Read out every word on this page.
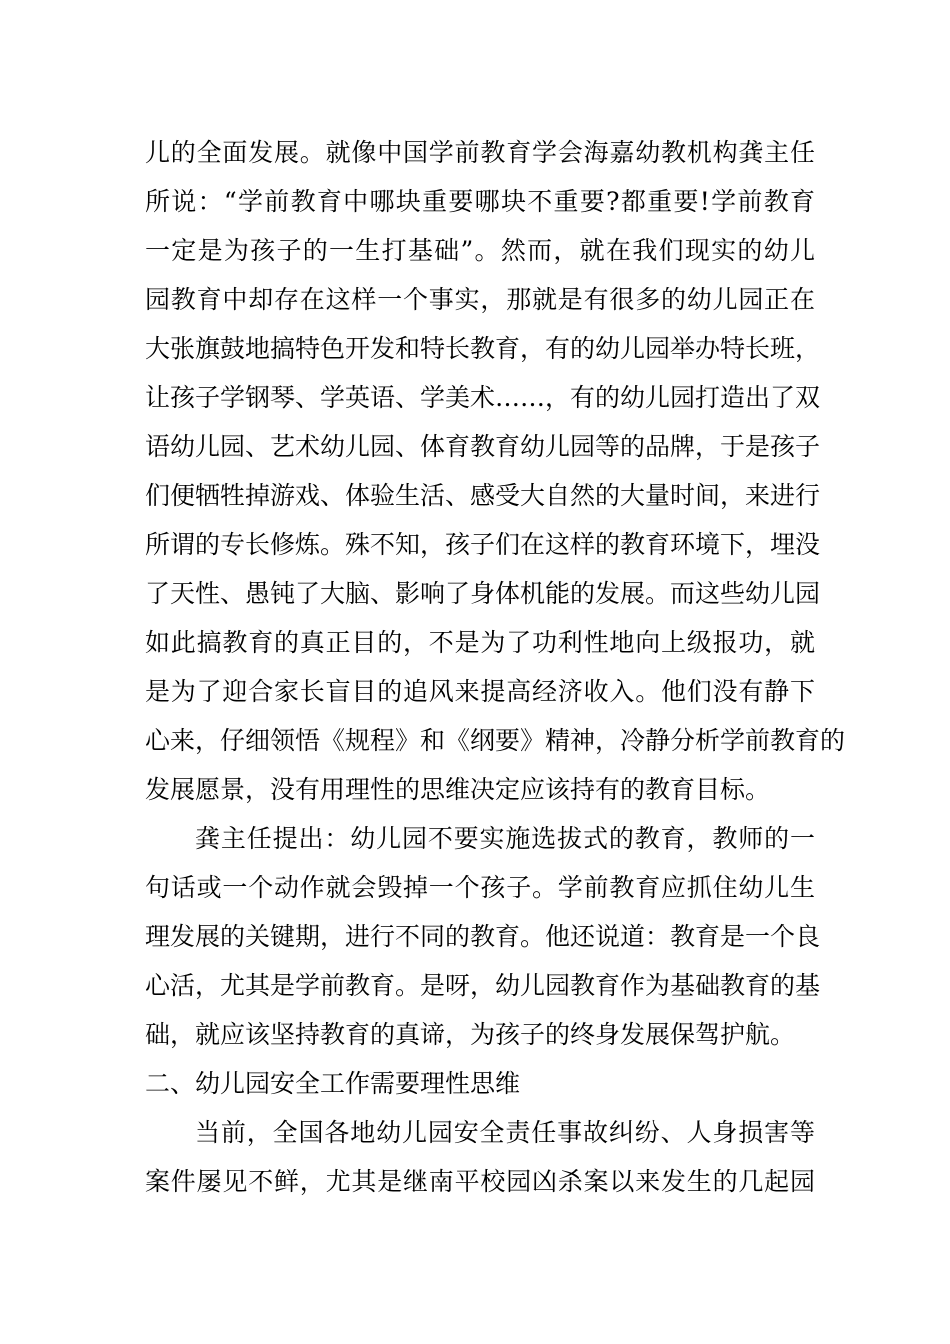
儿的全面发展。就像中国学前教育学会海嘉幼教机构龚主任
所说：“学前教育中哪块重要哪块不重要?都重要!学前教育
一定是为孩子的一生打基础”。然而，就在我们现实的幼儿
园教育中却存在这样一个事实，那就是有很多的幼儿园正在
大张旗鼓地搞特色开发和特长教育，有的幼儿园举办特长班，
让孩子学钢琴、学英语、学美术……，有的幼儿园打造出了双
语幼儿园、艺术幼儿园、体育教育幼儿园等的品牌，于是孩子
们便牺牲掉游戏、体验生活、感受大自然的大量时间，来进行
所谓的专长修炼。殊不知，孩子们在这样的教育环境下，埋没
了天性、愚钝了大脑、影响了身体机能的发展。而这些幼儿园
如此搞教育的真正目的，不是为了功利性地向上级报功，就
是为了迎合家长盲目的追风来提高经济收入。他们没有静下
心来，仔细领悟《规程》和《纲要》精神，冷静分析学前教育的
发展愿景，没有用理性的思维决定应该持有的教育目标。
龚主任提出：幼儿园不要实施选拔式的教育，教师的一
句话或一个动作就会毁掉一个孩子。学前教育应抓住幼儿生
理发展的关键期，进行不同的教育。他还说道：教育是一个良
心活，尤其是学前教育。是呀，幼儿园教育作为基础教育的基
础，就应该坚持教育的真谛，为孩子的终身发展保驾护航。
二、幼儿园安全工作需要理性思维
当前，全国各地幼儿园安全责任事故纠纷、人身损害等
案件屡见不鲜，尤其是继南平校园凶杀案以来发生的几起园
